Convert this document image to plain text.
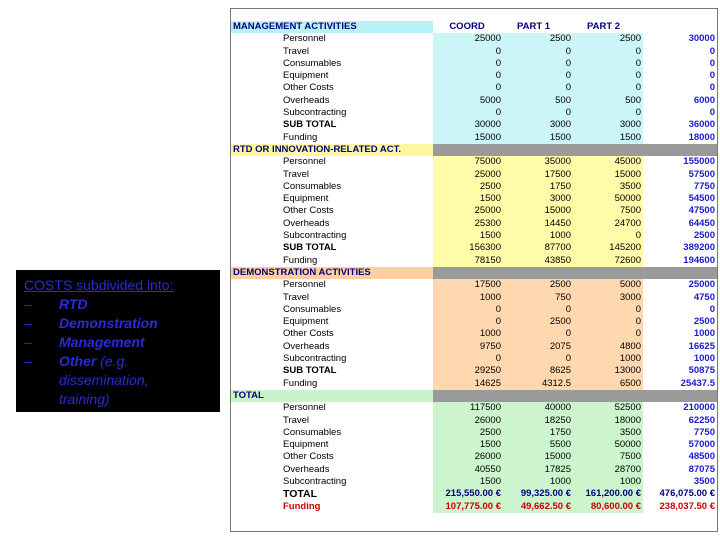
COSTS subdivided into:
–	RTD
–	Demonstration
–	Management
–	Other (e.g.
dissemination,
training)
MANAGEMENT ACTIVITIES	COORD	PART 1	PART 2
Personnel	25000	2500	2500	30000
Travel	0	0	0	0
Consumables	0	0	0	0
Equipment	0	0	0	0
Other Costs	0	0	0	0
Overheads	5000	500	500	6000
Subcontracting	0	0	0	0
SUB TOTAL	30000	3000	3000	36000
Funding	15000	1500	1500	18000
RTD OR INNOVATION-RELATED ACT.
Personnel	75000	35000	45000	155000
Travel	25000	17500	15000	57500
Consumables	2500	1750	3500	7750
Equipment	1500	3000	50000	54500
Other Costs	25000	15000	7500	47500
Overheads	25300	14450	24700	64450
Subcontracting	1500	1000	0	2500
SUB TOTAL	156300	87700	145200	389200
Funding	78150	43850	72600	194600
DEMONSTRATION ACTIVITIES
Personnel	17500	2500	5000	25000
Travel	1000	750	3000	4750
Consumables	0	0	0	0
Equipment	0	2500	0	2500
Other Costs	1000	0	0	1000
Overheads	9750	2075	4800	16625
Subcontracting	0	0	1000	1000
SUB TOTAL	29250	8625	13000	50875
Funding	14625	4312.5	6500	25437.5
TOTAL
Personnel	117500	40000	52500	210000
Travel	26000	18250	18000	62250
Consumables	2500	1750	3500	7750
Equipment	1500	5500	50000	57000
Other Costs	26000	15000	7500	48500
Overheads	40550	17825	28700	87075
Subcontracting	1500	1000	1000	3500
TOTAL	215,550.00 €	99,325.00 €	161,200.00 €	476,075.00 €
Funding	107,775.00 €	49,662.50 €	80,600.00 €	238,037.50 €
